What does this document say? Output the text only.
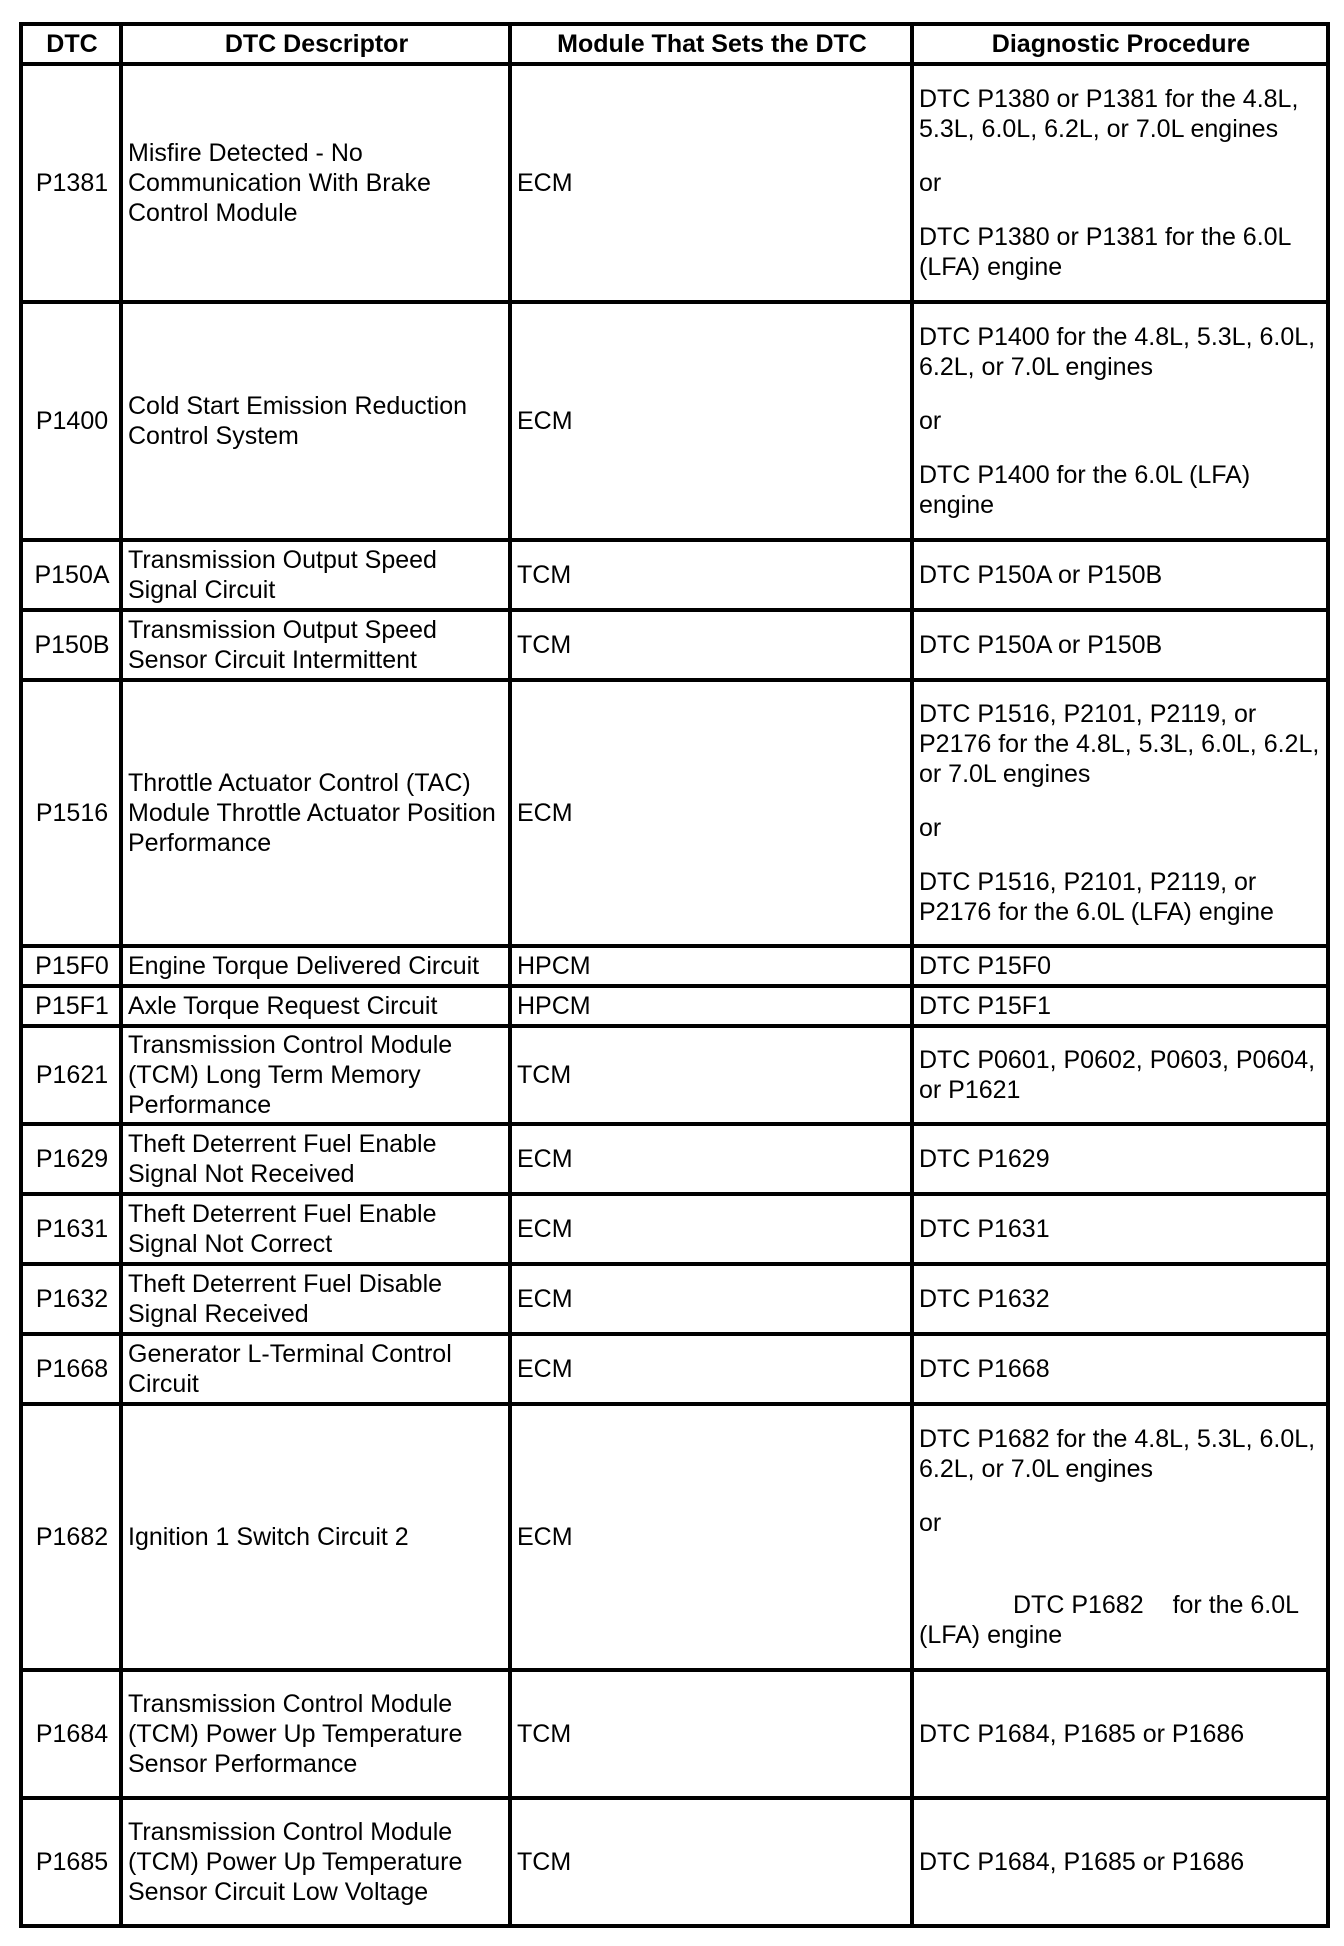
DTC	DTC Descriptor	Module That Sets the DTC	Diagnostic Procedure
P1381	Misfire Detected - No Communication With Brake Control Module	ECM	DTC P1380 or P1381 for the 4.8L, 5.3L, 6.0L, 6.2L, or 7.0L engines
or
DTC P1380 or P1381 for the 6.0L (LFA) engine

P1400	Cold Start Emission Reduction Control System	ECM	DTC P1400 for the 4.8L, 5.3L, 6.0L, 6.2L, or 7.0L engines
or
DTC P1400 for the 6.0L (LFA) engine

P150A	Transmission Output Speed Signal Circuit	TCM	DTC P150A or P150B
P150B	Transmission Output Speed Sensor Circuit Intermittent	TCM	DTC P150A or P150B
P1516	Throttle Actuator Control (TAC) Module Throttle Actuator Position Performance	ECM	DTC P1516, P2101, P2119, or P2176 for the 4.8L, 5.3L, 6.0L, 6.2L, or 7.0L engines
or
DTC P1516, P2101, P2119, or P2176 for the 6.0L (LFA) engine

P15F0	Engine Torque Delivered Circuit	HPCM	DTC P15F0
P15F1	Axle Torque Request Circuit	HPCM	DTC P15F1
P1621	Transmission Control Module (TCM) Long Term Memory Performance	TCM	DTC P0601, P0602, P0603, P0604, or P1621
P1629	Theft Deterrent Fuel Enable Signal Not Received	ECM	DTC P1629
P1631	Theft Deterrent Fuel Enable Signal Not Correct	ECM	DTC P1631
P1632	Theft Deterrent Fuel Disable Signal Received	ECM	DTC P1632
P1668	Generator L-Terminal Control Circuit	ECM	DTC P1668
P1682	Ignition 1 Switch Circuit 2	ECM	DTC P1682 for the 4.8L, 5.3L, 6.0L, 6.2L, or 7.0L engines
or
DTC P1682 for the 6.0L
(LFA) engine

P1684	Transmission Control Module (TCM) Power Up Temperature Sensor Performance	TCM	DTC P1684, P1685 or P1686
P1685	Transmission Control Module (TCM) Power Up Temperature Sensor Circuit Low Voltage	TCM	DTC P1684, P1685 or P1686
